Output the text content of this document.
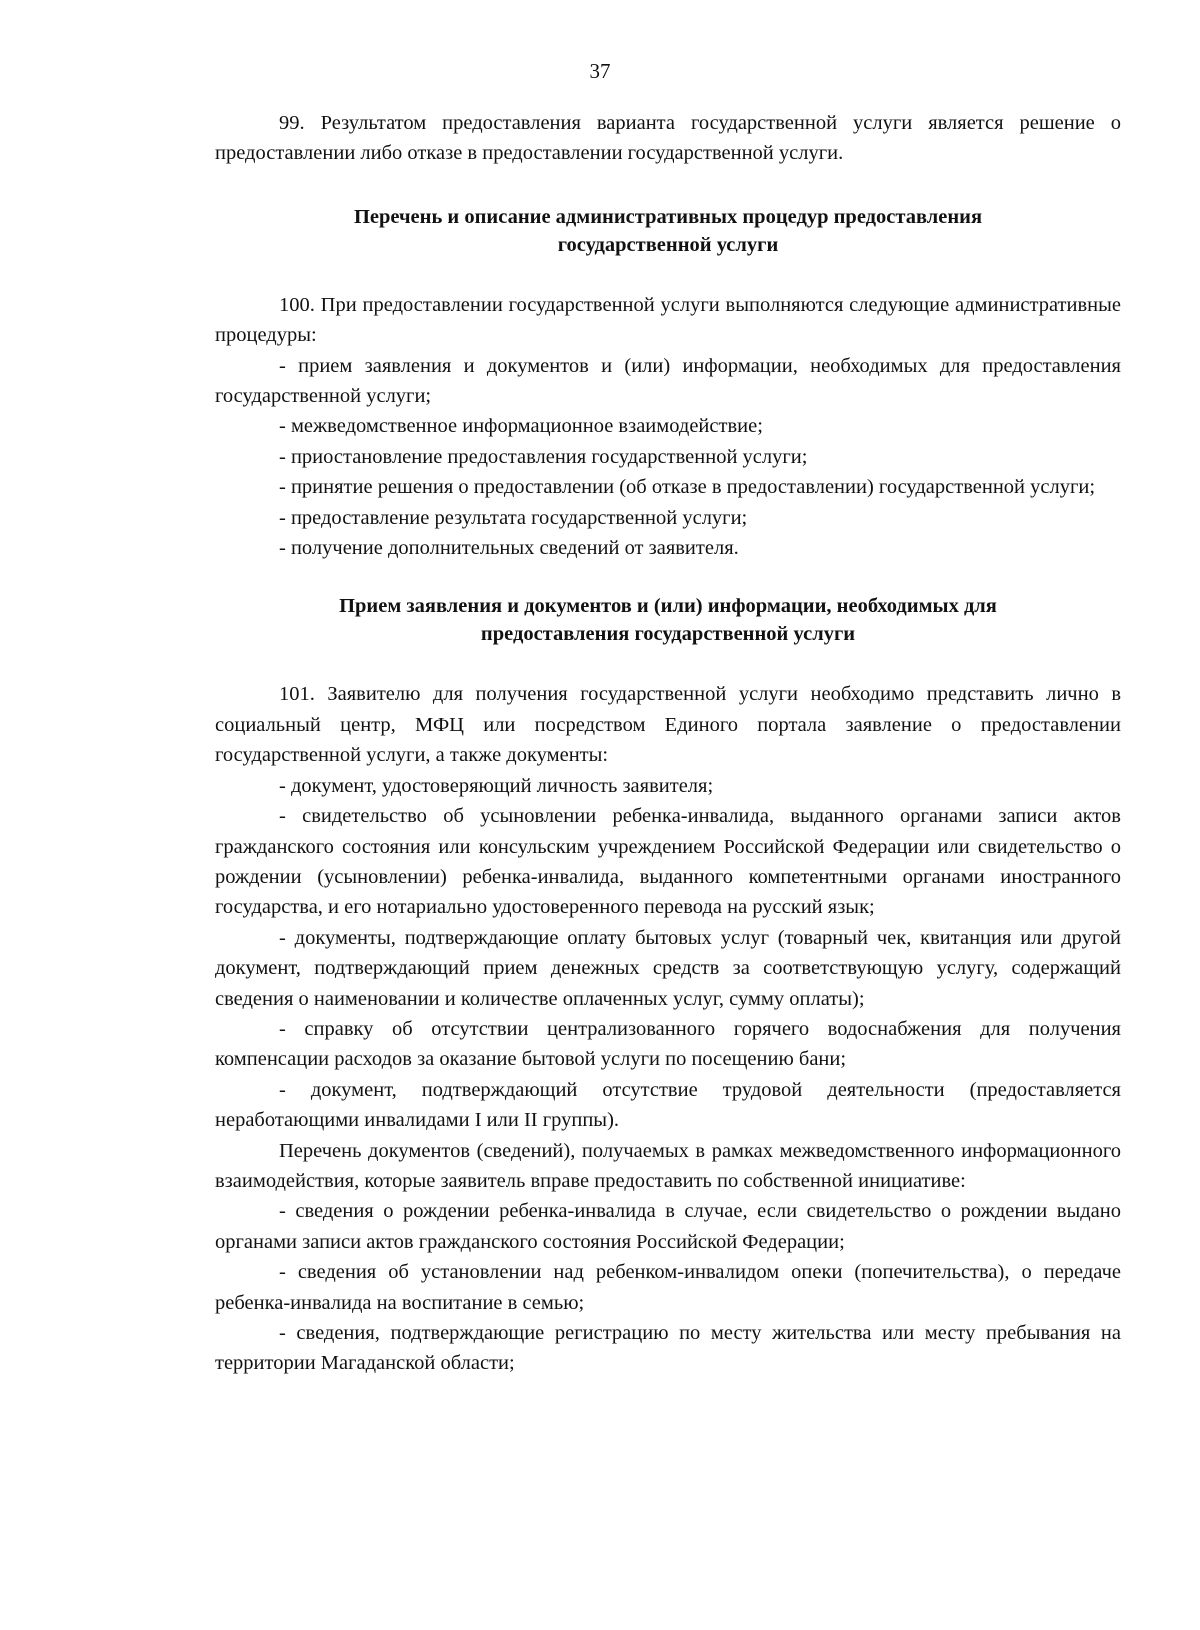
37

99. Результатом предоставления варианта государственной услуги является решение о предоставлении либо отказе в предоставлении государственной услуги.

Перечень и описание административных процедур предоставления
государственной услуги

100. При предоставлении государственной услуги выполняются следующие административные процедуры:

- прием заявления и документов и (или) информации, необходимых для предоставления государственной услуги;

- межведомственное информационное взаимодействие;

- приостановление предоставления государственной услуги;

- принятие решения о предоставлении (об отказе в предоставлении) государственной услуги;

- предоставление результата государственной услуги;

- получение дополнительных сведений от заявителя.

Прием заявления и документов и (или) информации, необходимых для
предоставления государственной услуги

101. Заявителю для получения государственной услуги необходимо представить лично в социальный центр, МФЦ или посредством Единого портала заявление о предоставлении государственной услуги, а также документы:

- документ, удостоверяющий личность заявителя;

- свидетельство об усыновлении ребенка-инвалида, выданного органами записи актов гражданского состояния или консульским учреждением Российской Федерации или свидетельство о рождении (усыновлении) ребенка-инвалида, выданного компетентными органами иностранного государства, и его нотариально удостоверенного перевода на русский язык;

- документы, подтверждающие оплату бытовых услуг (товарный чек, квитанция или другой документ, подтверждающий прием денежных средств за соответствующую услугу, содержащий сведения о наименовании и количестве оплаченных услуг, сумму оплаты);

- справку об отсутствии централизованного горячего водоснабжения для получения компенсации расходов за оказание бытовой услуги по посещению бани;

- документ, подтверждающий отсутствие трудовой деятельности (предоставляется неработающими инвалидами I или II группы).

Перечень документов (сведений), получаемых в рамках межведомственного информационного взаимодействия, которые заявитель вправе предоставить по собственной инициативе:

- сведения о рождении ребенка-инвалида в случае, если свидетельство о рождении выдано органами записи актов гражданского состояния Российской Федерации;

- сведения об установлении над ребенком-инвалидом опеки (попечительства), о передаче ребенка-инвалида на воспитание в семью;

- сведения, подтверждающие регистрацию по месту жительства или месту пребывания на территории Магаданской области;
